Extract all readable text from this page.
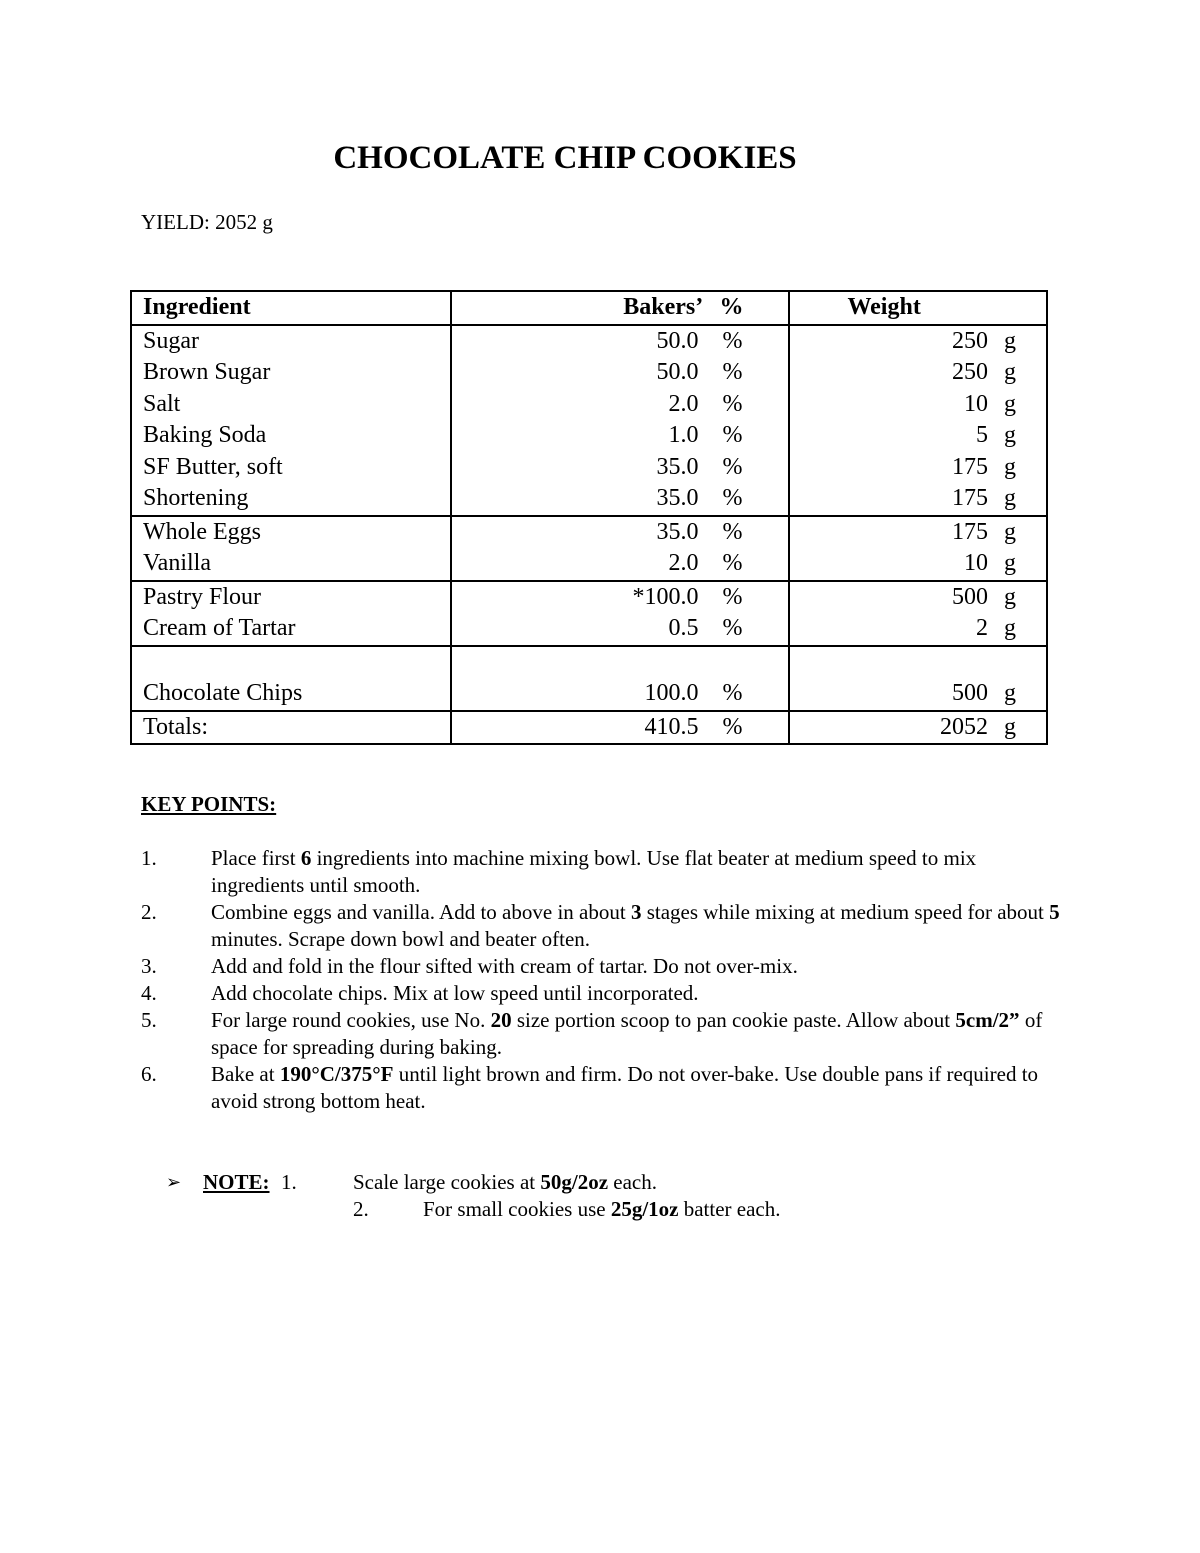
CHOCOLATE CHIP COOKIES
YIELD: 2052 g
Ingredient	Bakers’   %	Weight
Sugar	50.0 %	250 g

Brown Sugar	50.0 %	250 g

Salt	2.0 %	10 g

Baking Soda	1.0 %	5 g

SF Butter, soft	35.0 %	175 g

Shortening	35.0 %	175 g

Whole Eggs	35.0 %	175 g

Vanilla	2.0 %	10 g

Pastry Flour	*100.0 %	500 g

Cream of Tartar	0.5 %	2 g

Chocolate Chips	100.0 %	500 g

Totals:	410.5 %	2052 g
KEY POINTS:
1.	Place first 6 ingredients into machine mixing bowl. Use flat beater at medium speed to mix ingredients until smooth.
2.	Combine eggs and vanilla. Add to above in about 3 stages while mixing at medium speed for about 5 minutes. Scrape down bowl and beater often.
3.	Add and fold in the flour sifted with cream of tartar. Do not over-mix.
4.	Add chocolate chips. Mix at low speed until incorporated.
5.	For large round cookies, use No. 20 size portion scoop to pan cookie paste. Allow about 5cm/2” of space for spreading during baking.
6.	Bake at 190°C/375°F until light brown and firm. Do not over-bake. Use double pans if required to avoid strong bottom heat.
➢ NOTE: 1.	Scale large cookies at 50g/2oz each.
2.	For small cookies use 25g/1oz batter each.
